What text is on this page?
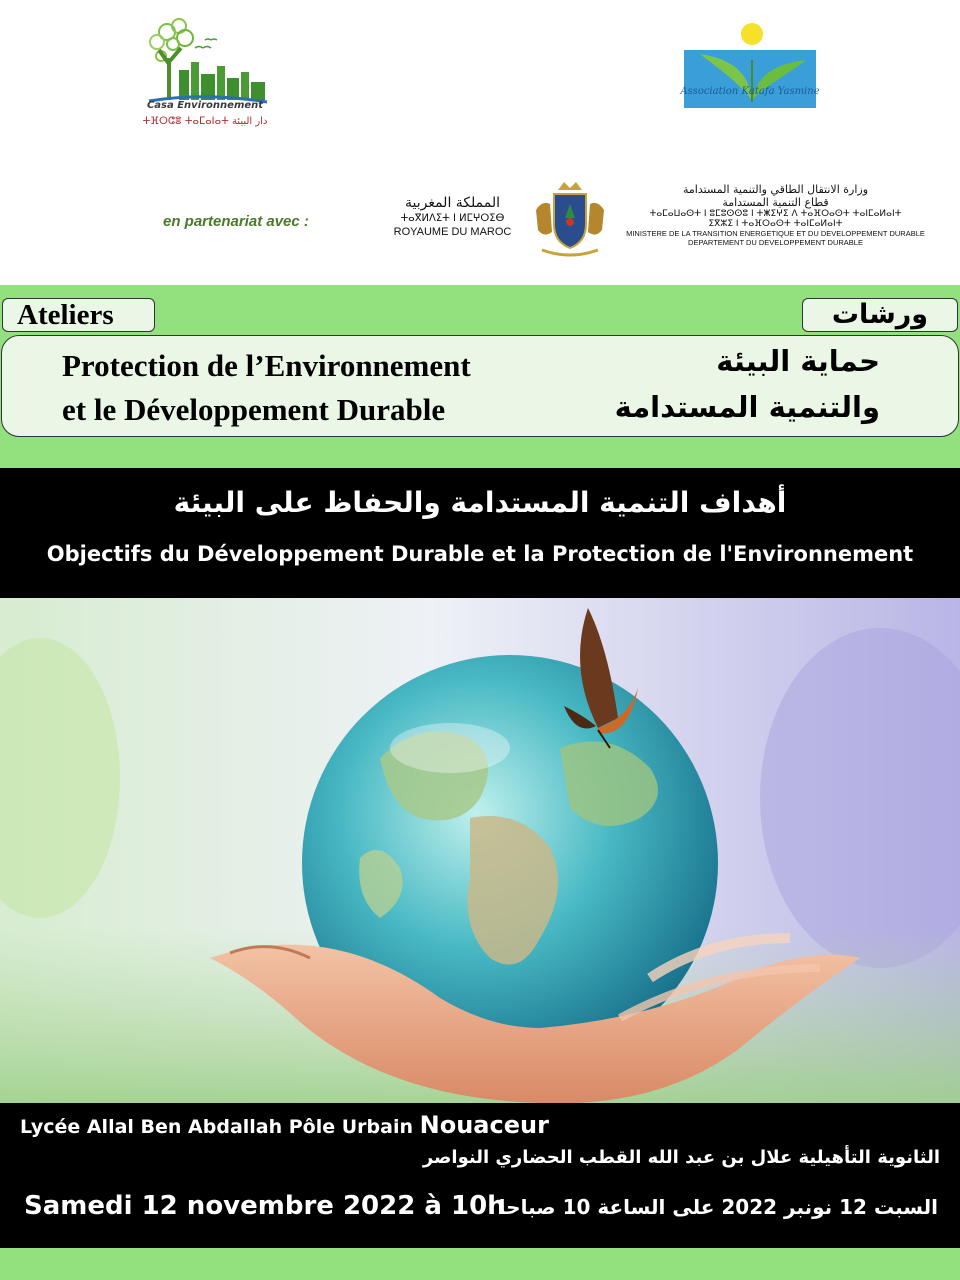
Casa Environnement
ⵜⴼⵔⵛⴻ ⵜⴰⵎⴰⵏⴰⵜ دار البيئة
Association Katafa Yasmine
en partenariat avec :
المملكة المغربية
ⵜⴰⴳⵍⴷⵉⵜ ⵏ ⵍⵎⵖⵔⵉⴱ
ROYAUME DU MAROC
وزارة الانتقال الطاقي والتنمية المستدامة
قطاع التنمية المستدامة
ⵜⴰⵎⴰⵡⴰⵙⵜ ⵏ ⵓⵎⵓⵙⵙⵓ ⵏ ⵜⵥⵉⵖⵉ ⴷ ⵜⴰⴼⵔⴰⵙⵜ ⵜⴰⵏⵎⴰⵍⴰⵏⵜ
ⵉⴳⵣⵉ ⵏ ⵜⴰⴼⵔⴰⵙⵜ ⵜⴰⵏⵎⴰⵍⴰⵏⵜ
MINISTERE DE LA TRANSITION ENERGETIQUE ET DU DEVELOPPEMENT DURABLE
DEPARTEMENT DU DEVELOPPEMENT DURABLE
Ateliers	ورشات
Protection de l’Environnement
et le Développement Durable
حماية البيئة
والتنمية المستدامة
أهداف التنمية المستدامة والحفاظ على البيئة
Objectifs du Développement Durable et la Protection de l'Environnement
Lycée Allal Ben Abdallah Pôle Urbain Nouaceur
الثانوية التأهيلية علال بن عبد الله القطب الحضاري النواصر
Samedi 12 novembre 2022 à 10h
السبت 12 نونبر 2022 على الساعة 10 صباحا
